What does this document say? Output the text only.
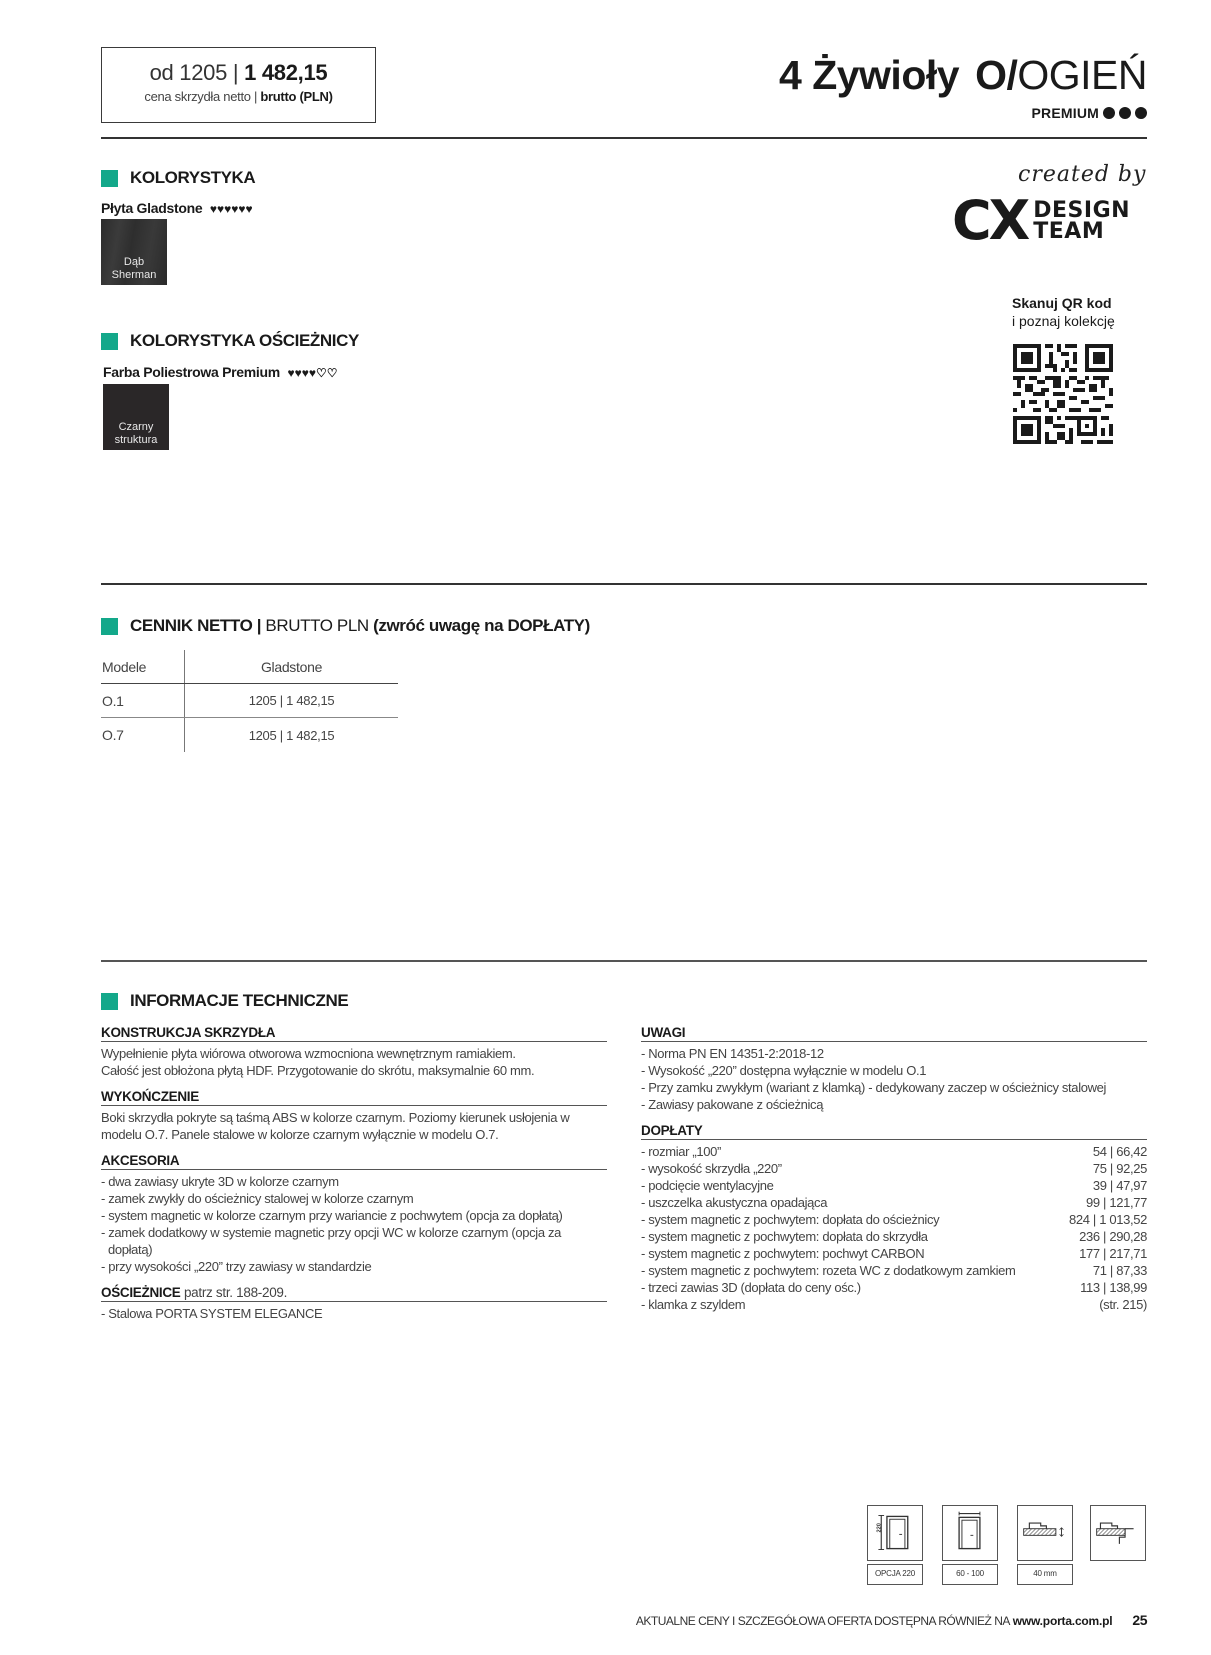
od 1205 | 1 482,15
cena skrzydła netto | brutto (PLN)	4 Żywioły O/OGIEŃ
PREMIUM
KOLORYSTYKA
Płyta Gladstone ♥♥♥♥♥♥
Dąb
Sherman
KOLORYSTYKA OŚCIEŻNICY
Farba Poliestrowa Premium ♥♥♥♥♡♡
Czarny
struktura
created by
CX DESIGN
TEAM
Skanuj QR kod
i poznaj kolekcję
CENNIK NETTO | BRUTTO PLN (zwróć uwagę na DOPŁATY)
Modele	Gladstone
O.1	1205 | 1 482,15
O.7	1205 | 1 482,15
INFORMACJE TECHNICZNE
KONSTRUKCJA SKRZYDŁA
Wypełnienie płyta wiórowa otworowa wzmocniona wewnętrznym ramiakiem.
Całość jest obłożona płytą HDF. Przygotowanie do skrótu, maksymalnie 60 mm.
WYKOŃCZENIE
Boki skrzydła pokryte są taśmą ABS w kolorze czarnym. Poziomy kierunek usłojenia w
modelu O.7. Panele stalowe w kolorze czarnym wyłącznie w modelu O.7.
AKCESORIA
- dwa zawiasy ukryte 3D w kolorze czarnym
- zamek zwykły do ościeżnicy stalowej w kolorze czarnym
- system magnetic w kolorze czarnym przy wariancie z pochwytem (opcja za dopłatą)
- zamek dodatkowy w systemie magnetic przy opcji WC w kolorze czarnym (opcja za dopłatą)
- przy wysokości „220” trzy zawiasy w standardzie
OŚCIEŻNICE patrz str. 188-209.
- Stalowa PORTA SYSTEM ELEGANCE
UWAGI
- Norma PN EN 14351-2:2018-12
- Wysokość „220” dostępna wyłącznie w modelu O.1
- Przy zamku zwykłym (wariant z klamką) - dedykowany zaczep w ościeżnicy stalowej
- Zawiasy pakowane z ościeżnicą
DOPŁATY
- rozmiar „100”	54 | 66,42
- wysokość skrzydła „220”	75 | 92,25
- podcięcie wentylacyjne	39 | 47,97
- uszczelka akustyczna opadająca	99 | 121,77
- system magnetic z pochwytem: dopłata do ościeżnicy	824 | 1 013,52
- system magnetic z pochwytem: dopłata do skrzydła	236 | 290,28
- system magnetic z pochwytem: pochwyt CARBON	177 | 217,71
- system magnetic z pochwytem: rozeta WC z dodatkowym zamkiem	71 | 87,33
- trzeci zawias 3D (dopłata do ceny ośc.)	113 | 138,99
- klamka z szyldem	(str. 215)
220
OPCJA 220	60 - 100	40 mm
AKTUALNE CENY I SZCZEGÓŁOWA OFERTA DOSTĘPNA RÓWNIEŻ NA
www.porta.com.pl 25
